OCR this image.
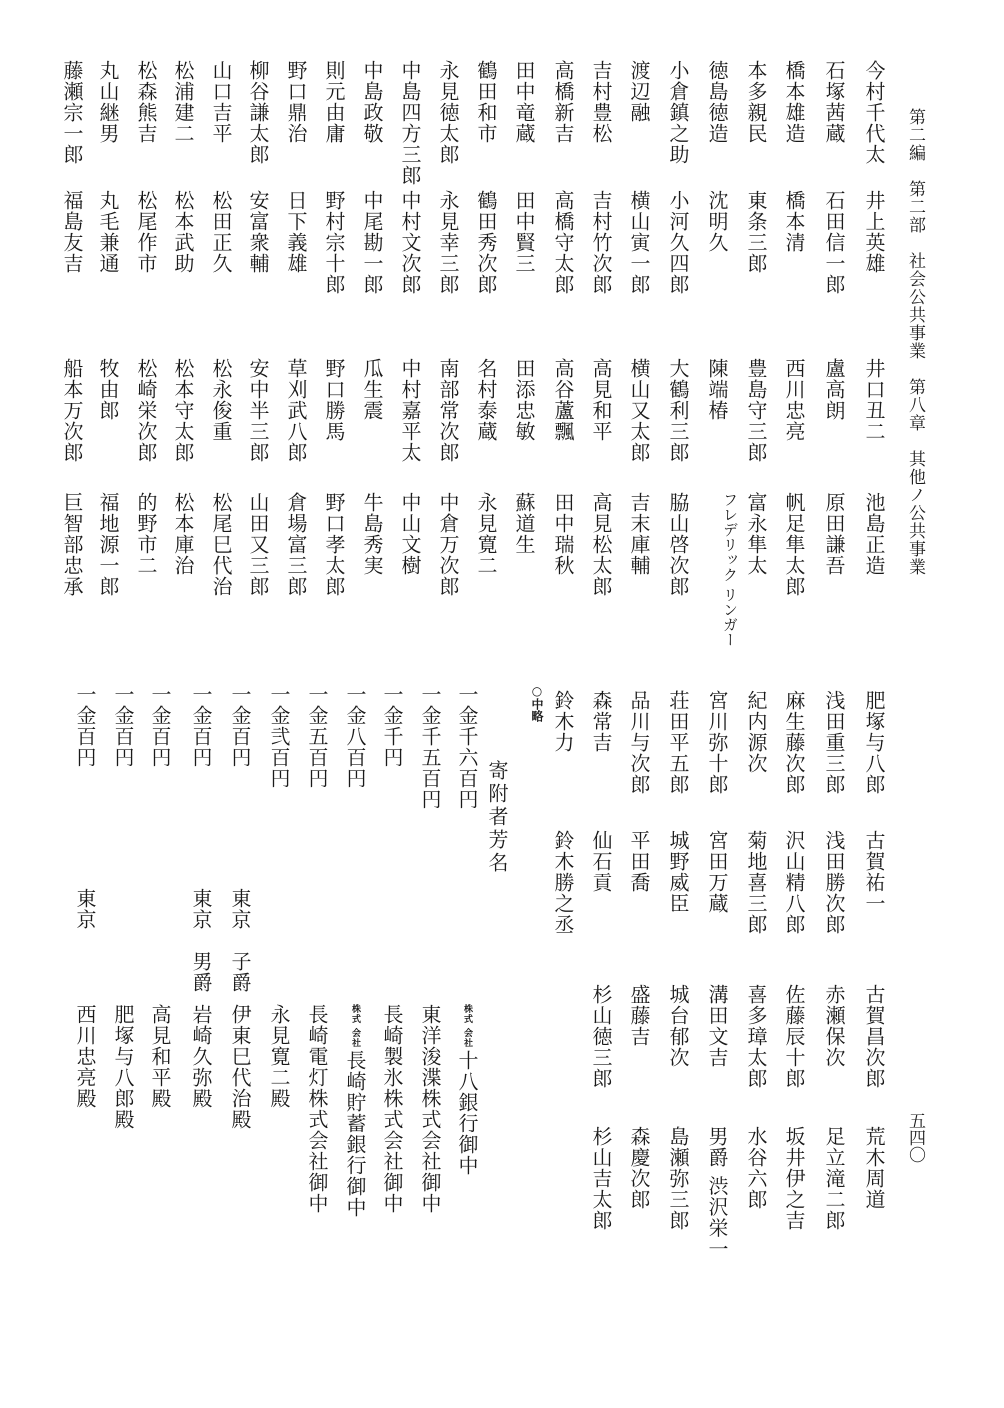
第二編　第二部　社会公共事業　第八章　其他ノ公共事業
五四〇
今村千代太
井上英雄
井口丑二
池島正造
肥塚与八郎
古賀祐一
古賀昌次郎
荒木周道
石塚茜蔵
石田信一郎
盧高朗
原田謙吾
浅田重三郎
浅田勝次郎
赤瀬保次
足立滝二郎
橋本雄造
橋本清
西川忠亮
帆足隼太郎
麻生藤次郎
沢山精八郎
佐藤辰十郎
坂井伊之吉
本多親民
東条三郎
豊島守三郎
富永隼太
紀内源次
菊地喜三郎
喜多璋太郎
水谷六郎
徳島徳造
沈明久
陳端椿
フレデリック リンガー
宮川弥十郎
宮田万蔵
溝田文吉
男爵 渋沢栄一
小倉鎮之助
小河久四郎
大鶴利三郎
脇山啓次郎
荘田平五郎
城野威臣
城台郁次
島瀬弥三郎
渡辺融
横山寅一郎
横山又太郎
吉末庫輔
品川与次郎
平田喬
盛藤吉
森慶次郎
吉村豊松
吉村竹次郎
高見和平
高見松太郎
森常吉
仙石貢
杉山徳三郎
杉山吉太郎
高橋新吉
高橋守太郎
高谷蘆飄
田中瑞秋
鈴木力
鈴木勝之丞
田中竜蔵
田中賢三
田添忠敏
蘇道生
鶴田和市
鶴田秀次郎
名村泰蔵
永見寛二
永見徳太郎
永見幸三郎
南部常次郎
中倉万次郎
中島四方三郎
中村文次郎
中村嘉平太
中山文樹
中島政敬
中尾勘一郎
瓜生震
牛島秀実
則元由庸
野村宗十郎
野口勝馬
野口孝太郎
野口鼎治
日下義雄
草刈武八郎
倉場富三郎
柳谷謙太郎
安富衆輔
安中半三郎
山田又三郎
山口吉平
松田正久
松永俊重
松尾巳代治
松浦建二
松本武助
松本守太郎
松本庫治
松森熊吉
松尾作市
松崎栄次郎
的野市二
丸山継男
丸毛兼通
牧由郎
福地源一郎
藤瀬宗一郎
福島友吉
船本万次郎
巨智部忠承
○中略
寄附者芳名
一金千六百円
株式 会社十八銀行御中
一金千五百円
東洋浚渫株式会社御中
一金千円
長崎製氷株式会社御中
一金八百円
株式 会社長崎貯蓄銀行御中
一金五百円
長崎電灯株式会社御中
一金弐百円
永見寛二殿
一金百円
東京　子爵
伊東巳代治殿
一金百円
東京　男爵
岩崎久弥殿
一金百円
高見和平殿
一金百円
肥塚与八郎殿
一金百円
東京
西川忠亮殿
